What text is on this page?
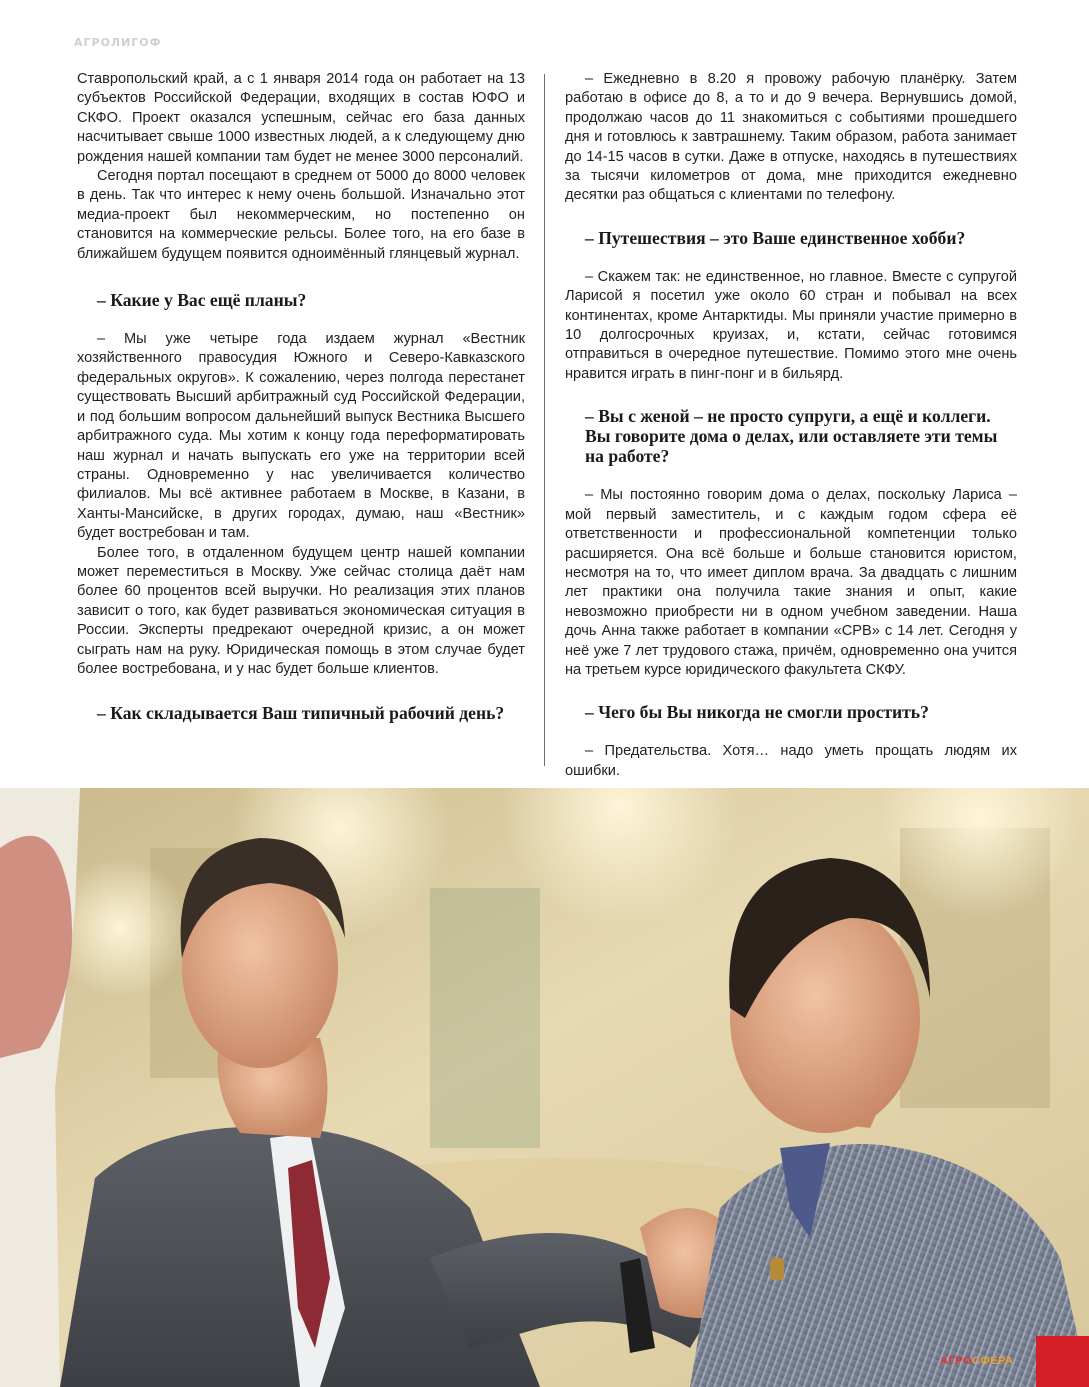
АГРОЛИГОФ

Ставропольский край, а с 1 января 2014 года он работает на 13 субъектов Российской Федерации, входящих в состав ЮФО и СКФО. Проект оказался успешным, сейчас его база данных насчитывает свыше 1000 известных людей, а к следующему дню рождения нашей компании там будет не менее 3000 персоналий.

Сегодня портал посещают в среднем от 5000 до 8000 человек в день. Так что интерес к нему очень большой. Изначально этот медиа-проект был некоммерческим, но постепенно он становится на коммерческие рельсы. Более того, на его базе в ближайшем будущем появится одноимённый глянцевый журнал.

– Какие у Вас ещё планы?

– Мы уже четыре года издаем журнал «Вестник хозяйственного правосудия Южного и Северо-Кавказского федеральных округов». К сожалению, через полгода перестанет существовать Высший арбитражный суд Российской Федерации, и под большим вопросом дальнейший выпуск Вестника Высшего арбитражного суда. Мы хотим к концу года переформатировать наш журнал и начать выпускать его уже на территории всей страны. Одновременно у нас увеличивается количество филиалов. Мы всё активнее работаем в Москве, в Казани, в Ханты-Мансийске, в других городах, думаю, наш «Вестник» будет востребован и там.

Более того, в отдаленном будущем центр нашей компании может переместиться в Москву. Уже сейчас столица даёт нам более 60 процентов всей выручки. Но реализация этих планов зависит о того, как будет развиваться экономическая ситуация в России. Эксперты предрекают очередной кризис, а он может сыграть нам на руку. Юридическая помощь в этом случае будет более востребована, и у нас будет больше клиентов.

– Как складывается Ваш типичный рабочий день?

– Ежедневно в 8.20 я провожу рабочую планёрку. Затем работаю в офисе до 8, а то и до 9 вечера. Вернувшись домой, продолжаю часов до 11 знакомиться с событиями прошедшего дня и готовлюсь к завтрашнему. Таким образом, работа занимает до 14-15 часов в сутки. Даже в отпуске, находясь в путешествиях за тысячи километров от дома, мне приходится ежедневно десятки раз общаться с клиентами по телефону.

– Путешествия – это Ваше единственное хобби?

– Скажем так: не единственное, но главное. Вместе с супругой Ларисой я посетил уже около 60 стран и побывал на всех континентах, кроме Антарктиды. Мы приняли участие примерно в 10 долгосрочных круизах, и, кстати, сейчас готовимся отправиться в очередное путешествие. Помимо этого мне очень нравится играть в пинг-понг и в бильярд.

– Вы с женой – не просто супруги, а ещё и коллеги. Вы говорите дома о делах, или оставляете эти темы на работе?

– Мы постоянно говорим дома о делах, поскольку Лариса – мой первый заместитель, и с каждым годом сфера её ответственности и профессиональной компетенции только расширяется. Она всё больше и больше становится юристом, несмотря на то, что имеет диплом врача. За двадцать с лишним лет практики она получила такие знания и опыт, какие невозможно приобрести ни в одном учебном заведении. Наша дочь Анна также работает в компании «СРВ» с 14 лет. Сегодня у неё уже 7 лет трудового стажа, причём, одновременно она учится на третьем курсе юридического факультета СКФУ.

– Чего бы Вы никогда не смогли простить?

– Предательства. Хотя… надо уметь прощать людям их ошибки.

АГРОСФЕРА
